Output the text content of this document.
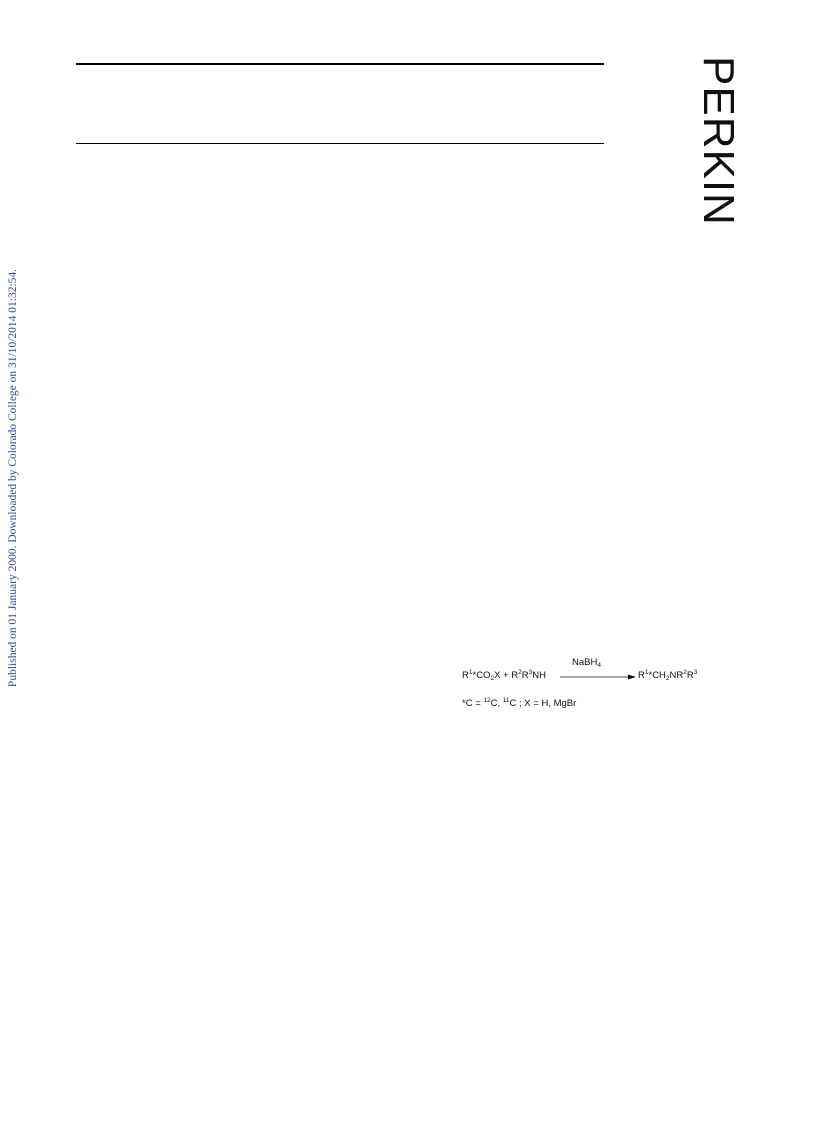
PERKIN
Published on 01 January 2000. Downloaded by Colorado College on 31/10/2014 01:32:54.	$R^1*CO_2X + R^2R^3NH$
NaBH$_4$
$R^1*CH_2NR^2R^3$
*C = $^{12}$C, $^{11}$C ; X = H, MgBr
